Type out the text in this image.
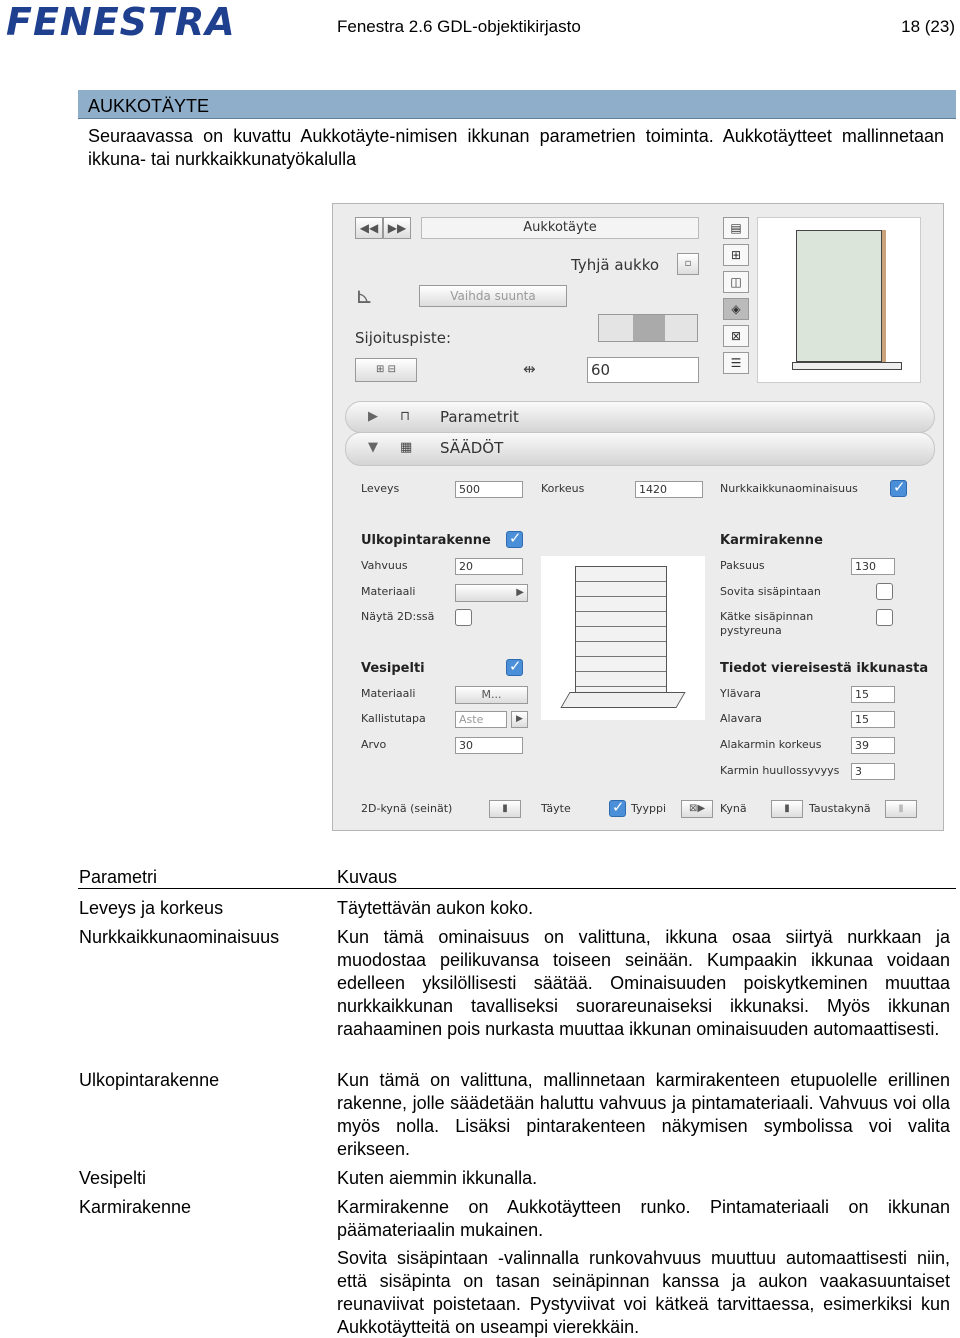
FENESTRA	Fenestra 2.6 GDL-objektikirjasto	18 (23)
AUKKOTÄYTE
Seuraavassa on kuvattu Aukkotäyte-nimisen ikkunan parametrien toiminta. Aukkotäytteet mallinnetaan ikkuna- tai nurkkaikkunatyökalulla
◀◀ ▶▶	Aukkotäyte
Tyhjä aukko	▫
⊾	Vaihda suunta
Sijoituspiste:
⊞ ⊟	⇹	60
▤
⊞
◫
◈
⊠
☰
▶ ⊓ Parametrit
▼ ▦ SÄÄDÖT
Leveys	500	Korkeus	1420	Nurkkaikkunaominaisuus
✓
Ulkopintarakenne
✓
Vahvuus	20
Materiaali	▶
Näytä 2D:ssä
Vesipelti
✓
Materiaali	M...
Kallistutapa	Aste	▶
Arvo	30
Karmirakenne
Paksuus	130
Sovita sisäpintaan
Kätke sisäpinnan pystyreuna
Tiedot viereisestä ikkunasta
Ylävara	15
Alavara	15
Alakarmin korkeus	39
Karmin huullossyvyys	3
2D-kynä (seinät)	▮	Täyte ✓	Tyyppi	⊠▶	Kynä	▮	Taustakynä	▮
Parametri	Kuvaus
Leveys ja korkeus	Täytettävän aukon koko.
Nurkkaikkunaominaisuus	Kun tämä ominaisuus on valittuna, ikkuna osaa siirtyä nurkkaan ja muodostaa peilikuvansa toiseen seinään. Kumpaakin ikkunaa voidaan edelleen yksilöllisesti säätää. Ominaisuuden poiskytkeminen muuttaa nurkkaikkunan tavalliseksi suorareunaiseksi ikkunaksi. Myös ikkunan raahaaminen pois nurkasta muuttaa ikkunan ominaisuuden automaattisesti.
Ulkopintarakenne	Kun tämä on valittuna, mallinnetaan karmirakenteen etupuolelle erillinen rakenne, jolle säädetään haluttu vahvuus ja pintamateriaali. Vahvuus voi olla myös nolla. Lisäksi pintarakenteen näkymisen symbolissa voi valita erikseen.
Vesipelti	Kuten aiemmin ikkunalla.
Karmirakenne	Karmirakenne on Aukkotäytteen runko. Pintamateriaali on ikkunan päämateriaalin mukainen.
Sovita sisäpintaan -valinnalla runkovahvuus muuttuu automaattisesti niin, että sisäpinta on tasan seinäpinnan kanssa ja aukon vaakasuuntaiset reunaviivat poistetaan. Pystyviivat voi kätkeä tarvittaessa, esimerkiksi kun Aukkotäytteitä on useampi vierekkäin.
